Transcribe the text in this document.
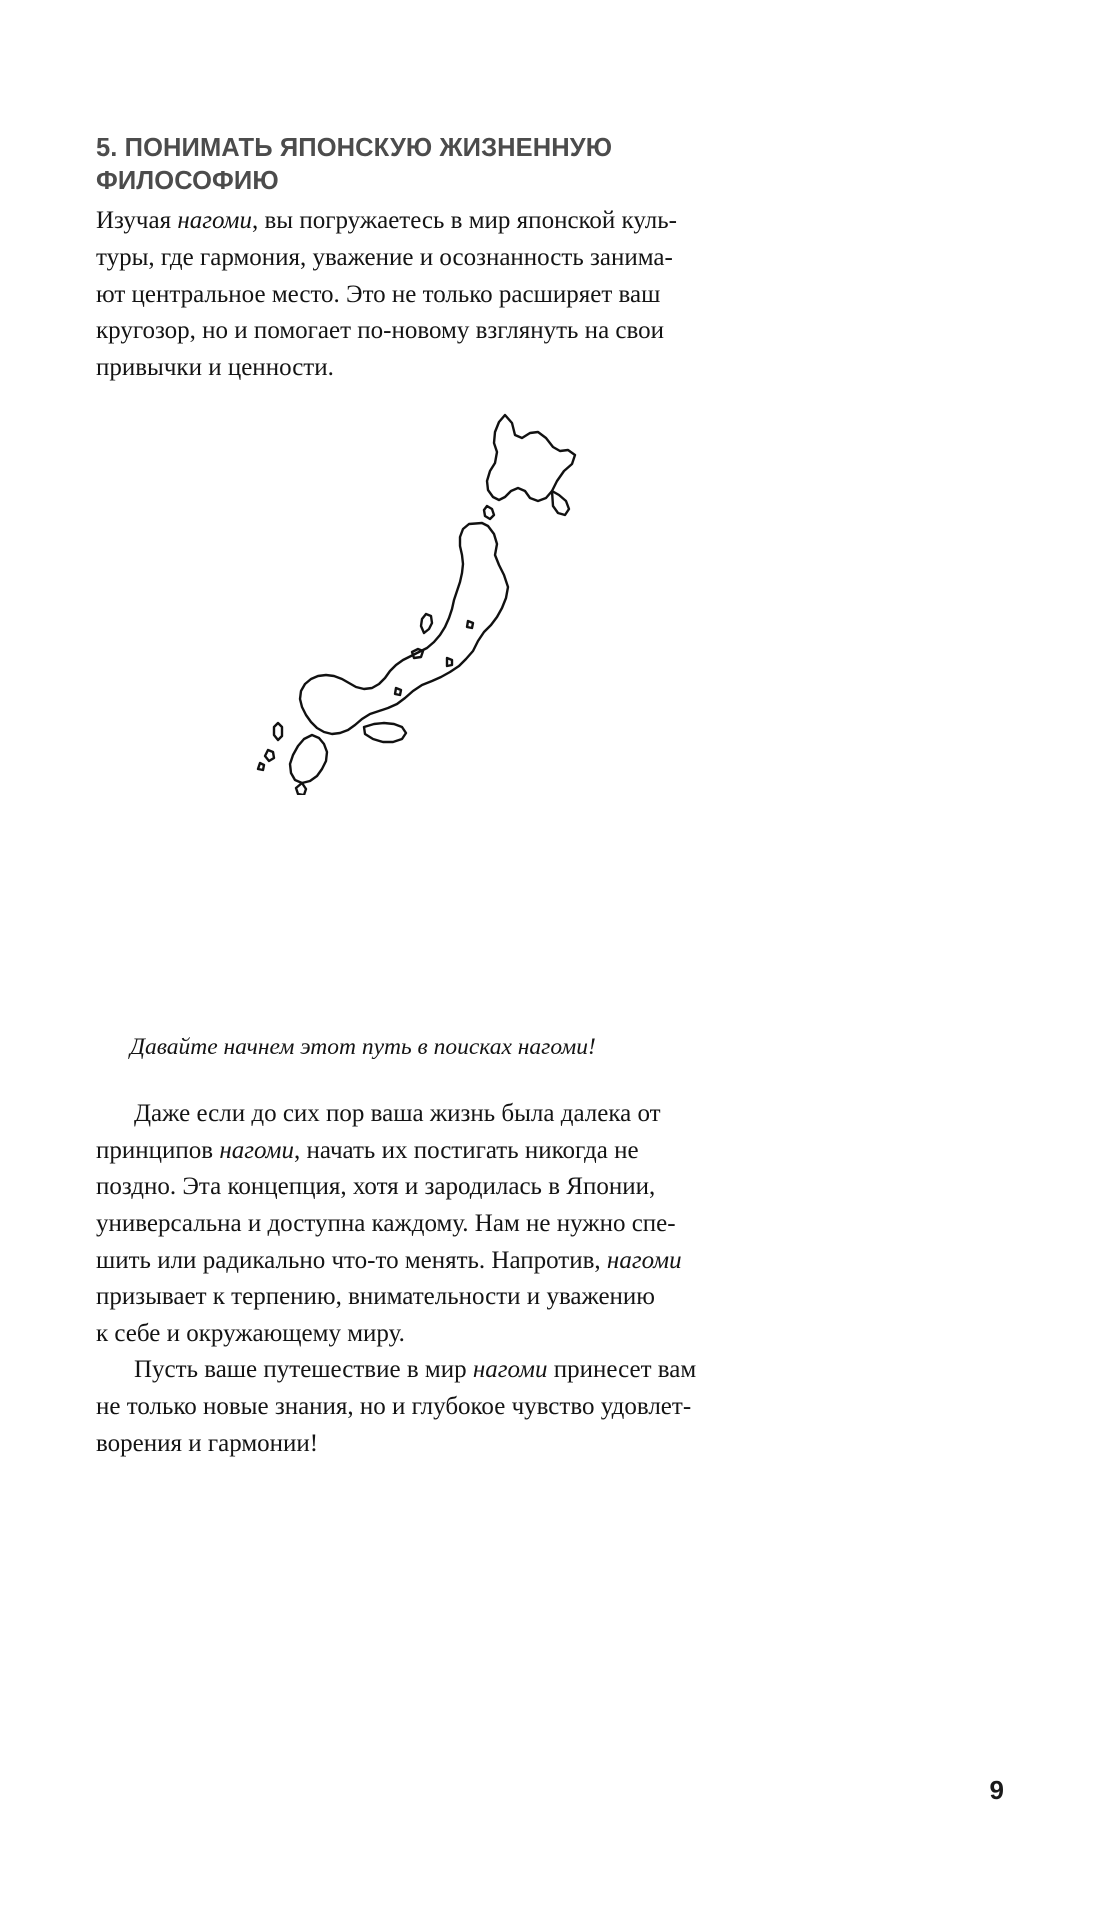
5. ПОНИМАТЬ ЯПОНСКУЮ ЖИЗНЕННУЮ ФИЛОСОФИЮ

Изучая нагоми, вы погружаетесь в мир японской куль-
туры, где гармония, уважение и осознанность занима-
ют центральное место. Это не только расширяет ваш
кругозор, но и помогает по-новому взглянуть на свои
привычки и ценности.

Давайте начнем этот путь в поисках нагоми!

Даже если до сих пор ваша жизнь была далека от
принципов нагоми, начать их постигать никогда не
поздно. Эта концепция, хотя и зародилась в Японии,
универсальна и доступна каждому. Нам не нужно спе-
шить или радикально что-то менять. Напротив, нагоми
призывает к терпению, внимательности и уважению
к себе и окружающему миру.

Пусть ваше путешествие в мир нагоми принесет вам
не только новые знания, но и глубокое чувство удовлет-
ворения и гармонии!

9
